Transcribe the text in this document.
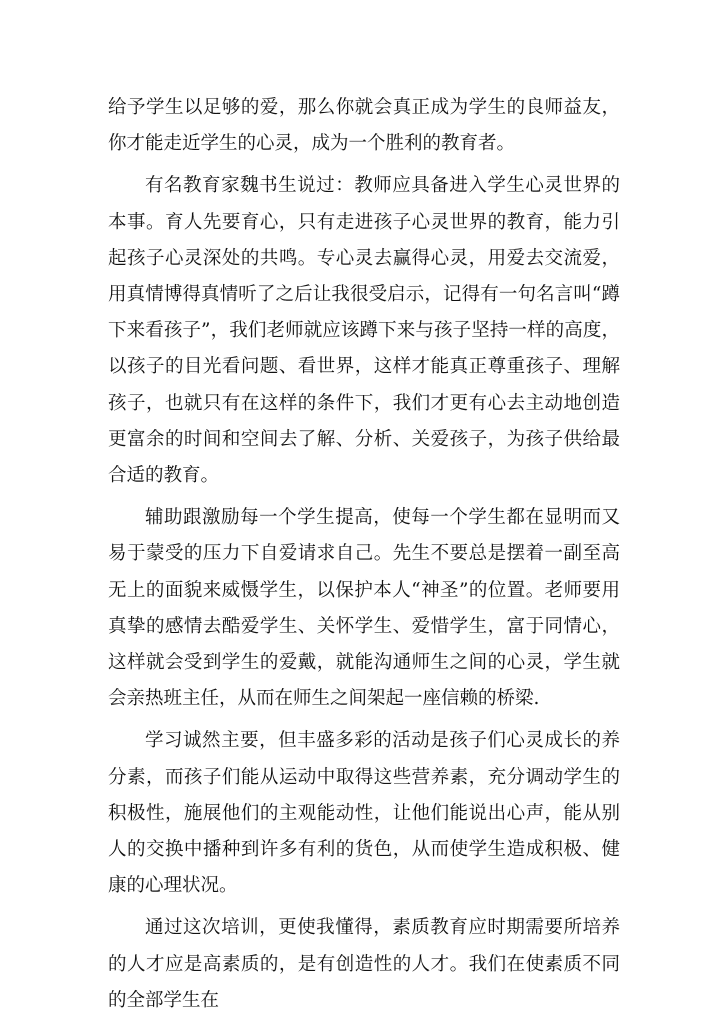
给予学生以足够的爱，那么你就会真正成为学生的良师益友，你才能走近学生的心灵，成为一个胜利的教育者。

有名教育家魏书生说过：教师应具备进入学生心灵世界的本事。育人先要育心，只有走进孩子心灵世界的教育，能力引起孩子心灵深处的共鸣。专心灵去赢得心灵，用爱去交流爱，用真情博得真情听了之后让我很受启示，记得有一句名言叫“蹲下来看孩子”，我们老师就应该蹲下来与孩子坚持一样的高度，以孩子的目光看问题、看世界，这样才能真正尊重孩子、理解孩子，也就只有在这样的条件下，我们才更有心去主动地创造更富余的时间和空间去了解、分析、关爱孩子，为孩子供给最合适的教育。

辅助跟激励每一个学生提高，使每一个学生都在显明而又易于蒙受的压力下自爱请求自己。先生不要总是摆着一副至高无上的面貌来威慑学生，以保护本人“神圣”的位置。老师要用真挚的感情去酷爱学生、关怀学生、爱惜学生，富于同情心，这样就会受到学生的爱戴，就能沟通师生之间的心灵，学生就会亲热班主任，从而在师生之间架起一座信赖的桥梁.

学习诚然主要，但丰盛多彩的活动是孩子们心灵成长的养分素，而孩子们能从运动中取得这些营养素，充分调动学生的积极性，施展他们的主观能动性，让他们能说出心声，能从别人的交换中播种到许多有利的货色，从而使学生造成积极、健康的心理状况。

通过这次培训，更使我懂得，素质教育应时期需要所培养的人才应是高素质的，是有创造性的人才。我们在使素质不同的全部学生在
